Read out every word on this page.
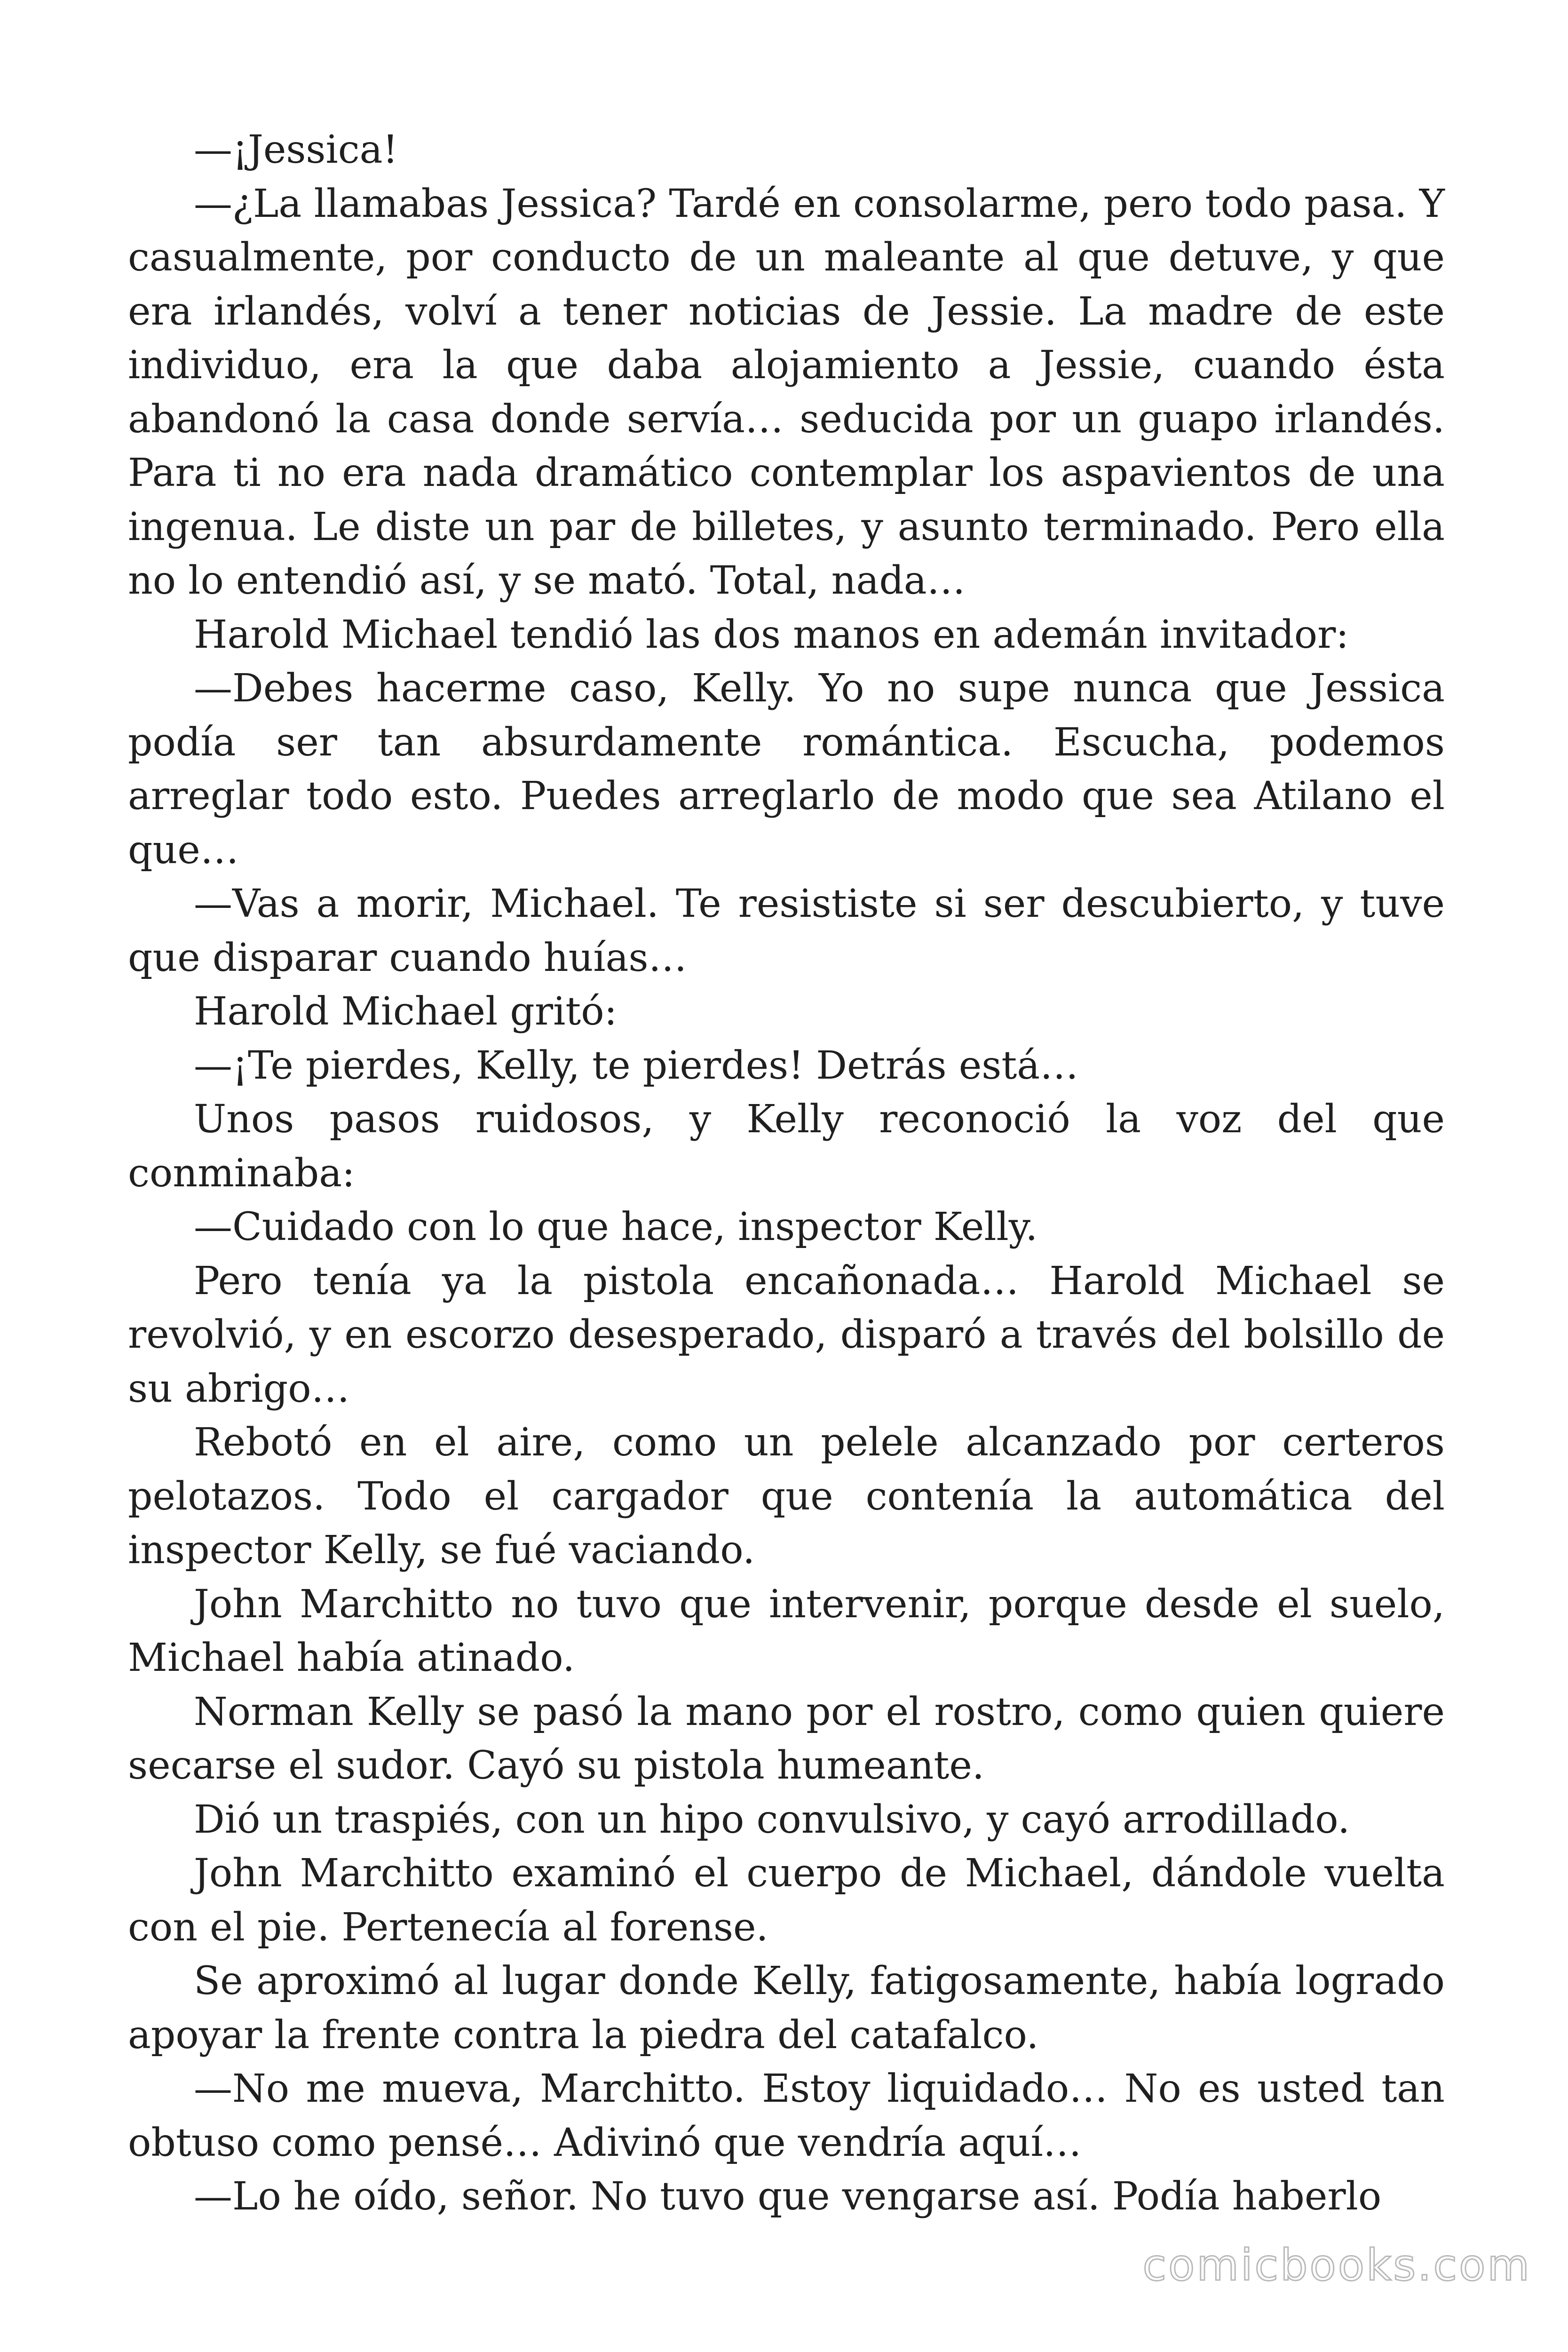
—¡Jessica!

—¿La llamabas Jessica? Tardé en consolarme, pero todo pasa. Y casualmente, por conducto de un maleante al que detuve, y que era irlandés, volví a tener noticias de Jessie. La madre de este individuo, era la que daba alojamiento a Jessie, cuando ésta abandonó la casa donde servía… seducida por un guapo irlandés. Para ti no era nada dramático contemplar los aspavientos de una ingenua. Le diste un par de billetes, y asunto terminado. Pero ella no lo entendió así, y se mató. Total, nada…

Harold Michael tendió las dos manos en ademán invitador:

—Debes hacerme caso, Kelly. Yo no supe nunca que Jessica podía ser tan absurdamente romántica. Escucha, podemos arreglar todo esto. Puedes arreglarlo de modo que sea Atilano el que…

—Vas a morir, Michael. Te resististe si ser descubierto, y tuve que disparar cuando huías…

Harold Michael gritó:

—¡Te pierdes, Kelly, te pierdes! Detrás está…

Unos pasos ruidosos, y Kelly reconoció la voz del que conminaba:

—Cuidado con lo que hace, inspector Kelly.

Pero tenía ya la pistola encañonada… Harold Michael se revolvió, y en escorzo desesperado, disparó a través del bolsillo de su abrigo…

Rebotó en el aire, como un pelele alcanzado por certeros pelotazos. Todo el cargador que contenía la automática del inspector Kelly, se fué vaciando.

John Marchitto no tuvo que intervenir, porque desde el suelo, Michael había atinado.

Norman Kelly se pasó la mano por el rostro, como quien quiere secarse el sudor. Cayó su pistola humeante.

Dió un traspiés, con un hipo convulsivo, y cayó arrodillado.

John Marchitto examinó el cuerpo de Michael, dándole vuelta con el pie. Pertenecía al forense.

Se aproximó al lugar donde Kelly, fatigosamente, había logrado apoyar la frente contra la piedra del catafalco.

—No me mueva, Marchitto. Estoy liquidado… No es usted tan obtuso como pensé… Adivinó que vendría aquí…

—Lo he oído, señor. No tuvo que vengarse así. Podía haberlo

comicbooks.com
